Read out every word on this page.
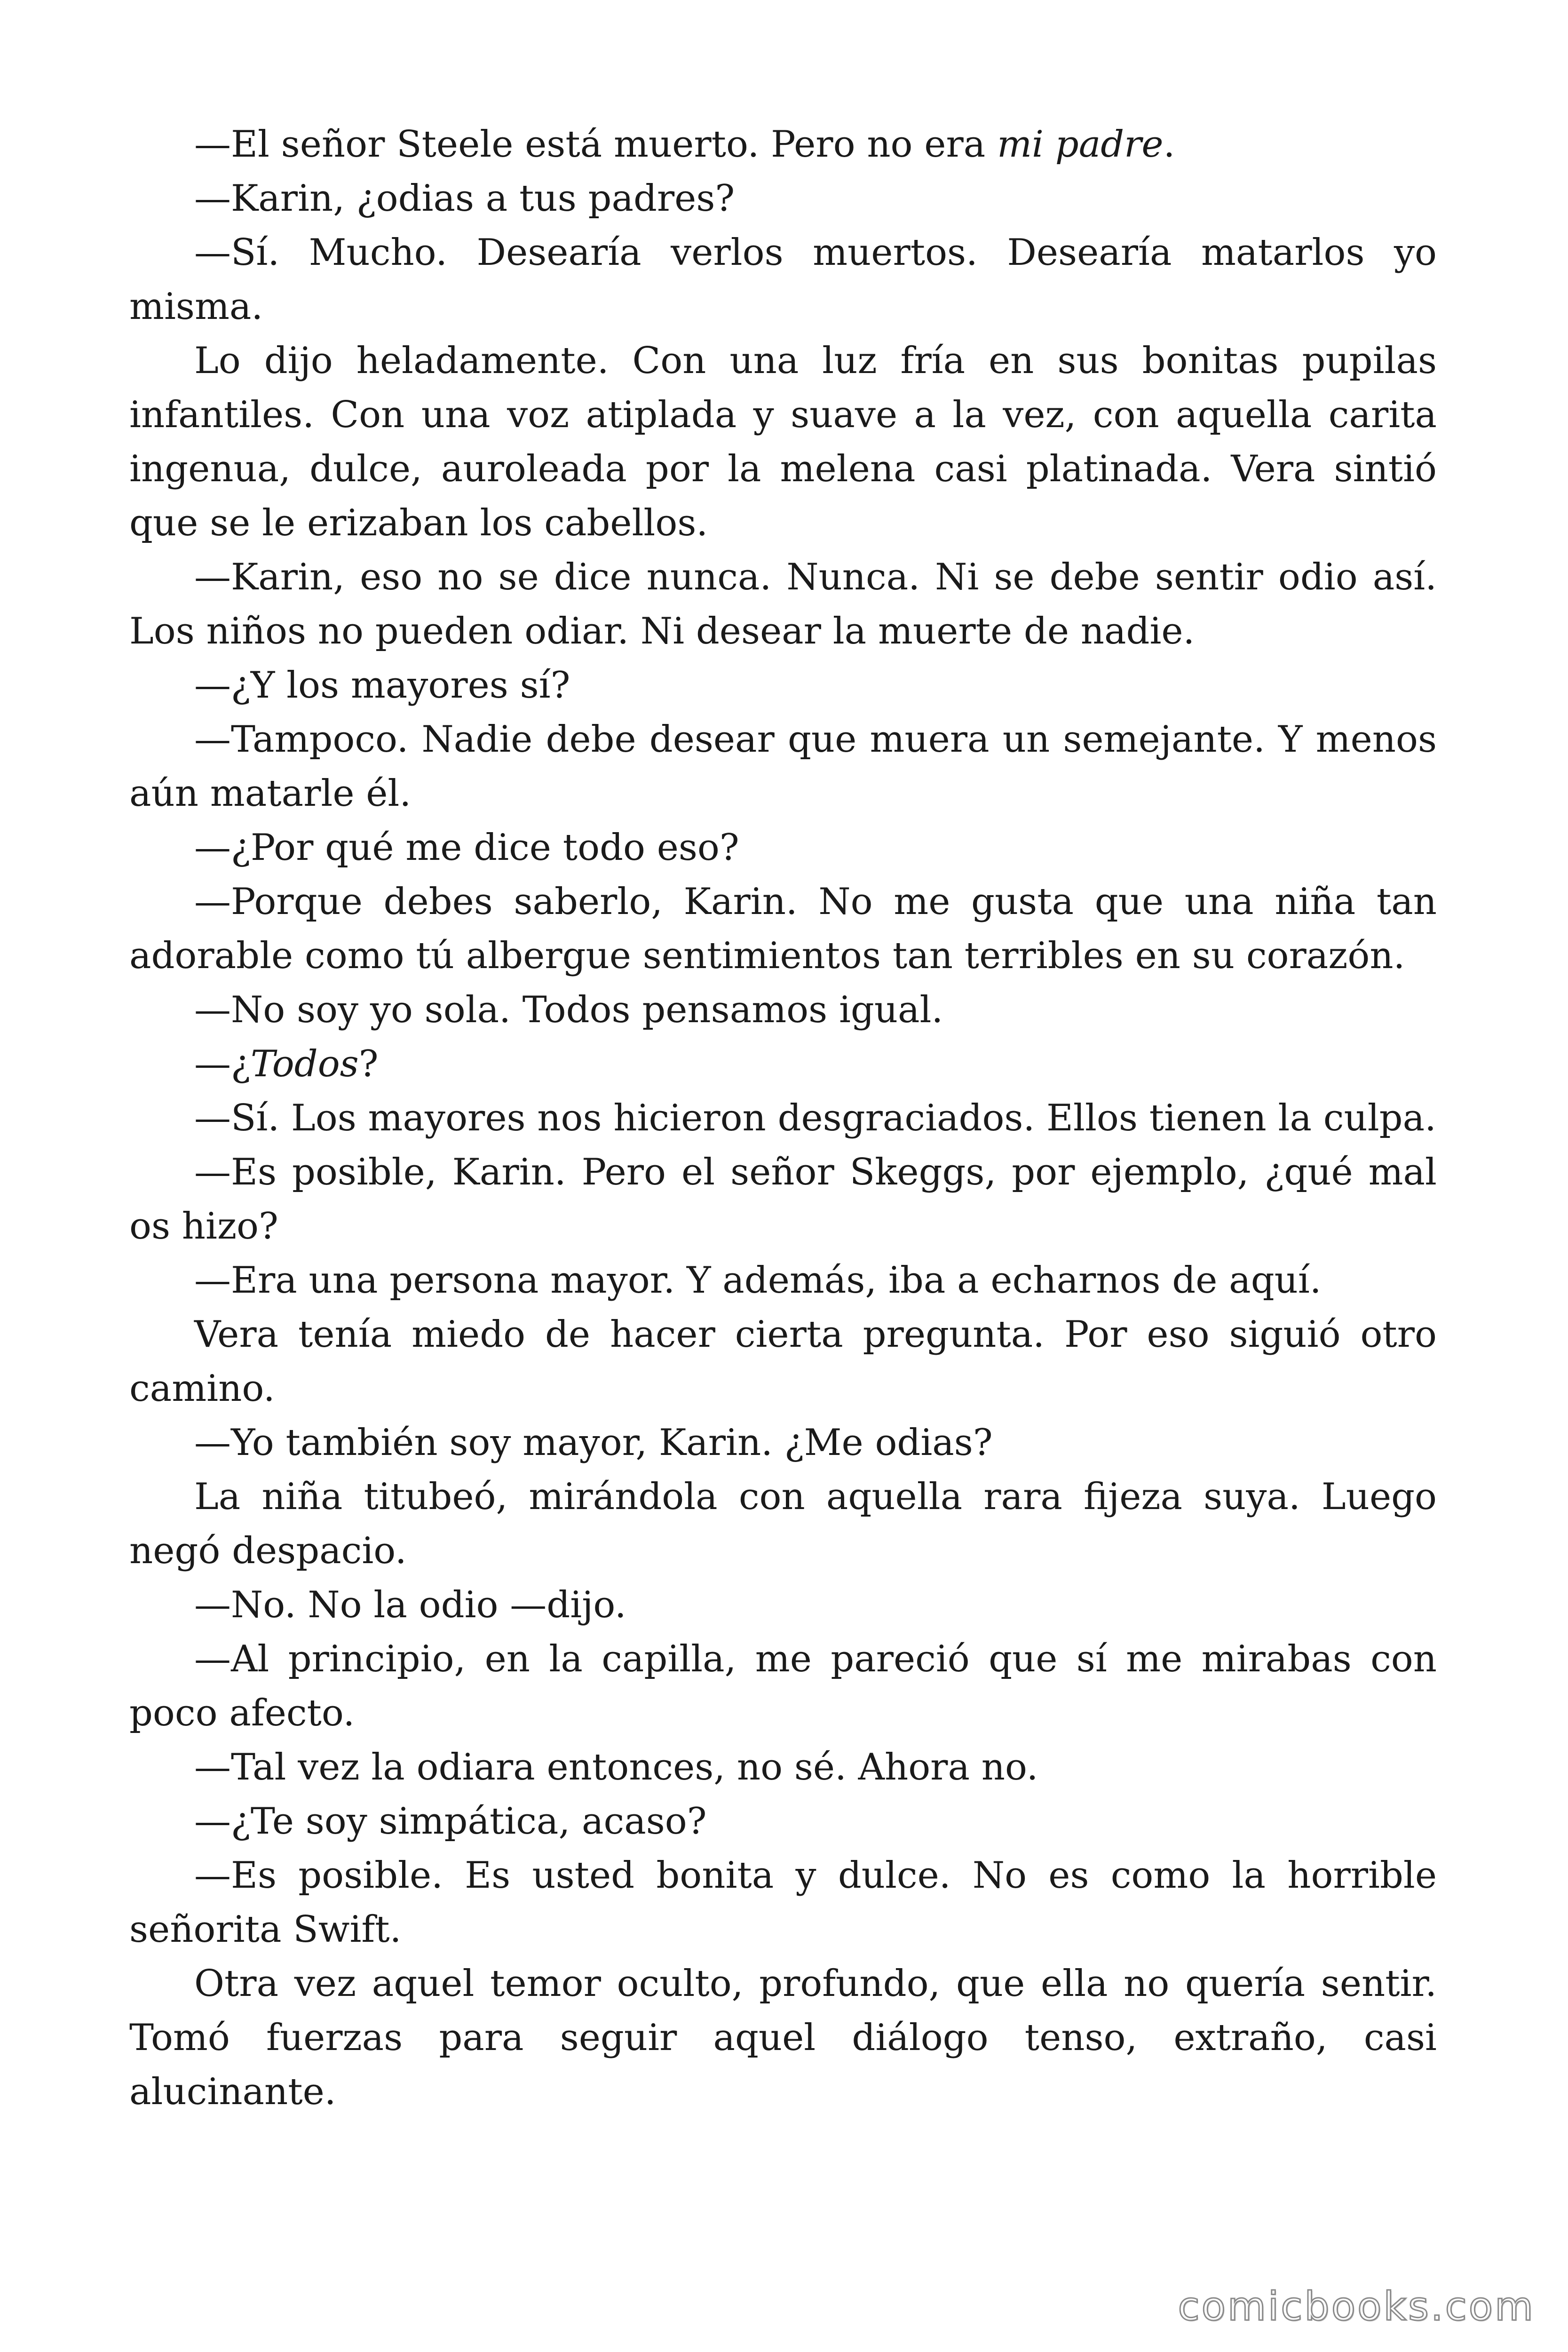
—El señor Steele está muerto. Pero no era mi padre.

—Karin, ¿odias a tus padres?

—Sí. Mucho. Desearía verlos muertos. Desearía matarlos yo misma.

Lo dijo heladamente. Con una luz fría en sus bonitas pupilas infantiles. Con una voz atiplada y suave a la vez, con aquella carita ingenua, dulce, auroleada por la melena casi platinada. Vera sintió que se le erizaban los cabellos.

—Karin, eso no se dice nunca. Nunca. Ni se debe sentir odio así. Los niños no pueden odiar. Ni desear la muerte de nadie.

—¿Y los mayores sí?

—Tampoco. Nadie debe desear que muera un semejante. Y menos aún matarle él.

—¿Por qué me dice todo eso?

—Porque debes saberlo, Karin. No me gusta que una niña tan adorable como tú albergue sentimientos tan terribles en su corazón.

—No soy yo sola. Todos pensamos igual.

—¿Todos?

—Sí. Los mayores nos hicieron desgraciados. Ellos tienen la culpa.

—Es posible, Karin. Pero el señor Skeggs, por ejemplo, ¿qué mal os hizo?

—Era una persona mayor. Y además, iba a echarnos de aquí.

Vera tenía miedo de hacer cierta pregunta. Por eso siguió otro camino.

—Yo también soy mayor, Karin. ¿Me odias?

La niña titubeó, mirándola con aquella rara fijeza suya. Luego negó despacio.

—No. No la odio —dijo.

—Al principio, en la capilla, me pareció que sí me mirabas con poco afecto.

—Tal vez la odiara entonces, no sé. Ahora no.

—¿Te soy simpática, acaso?

—Es posible. Es usted bonita y dulce. No es como la horrible señorita Swift.

Otra vez aquel temor oculto, profundo, que ella no quería sentir. Tomó fuerzas para seguir aquel diálogo tenso, extraño, casi alucinante.

comicbooks.com
